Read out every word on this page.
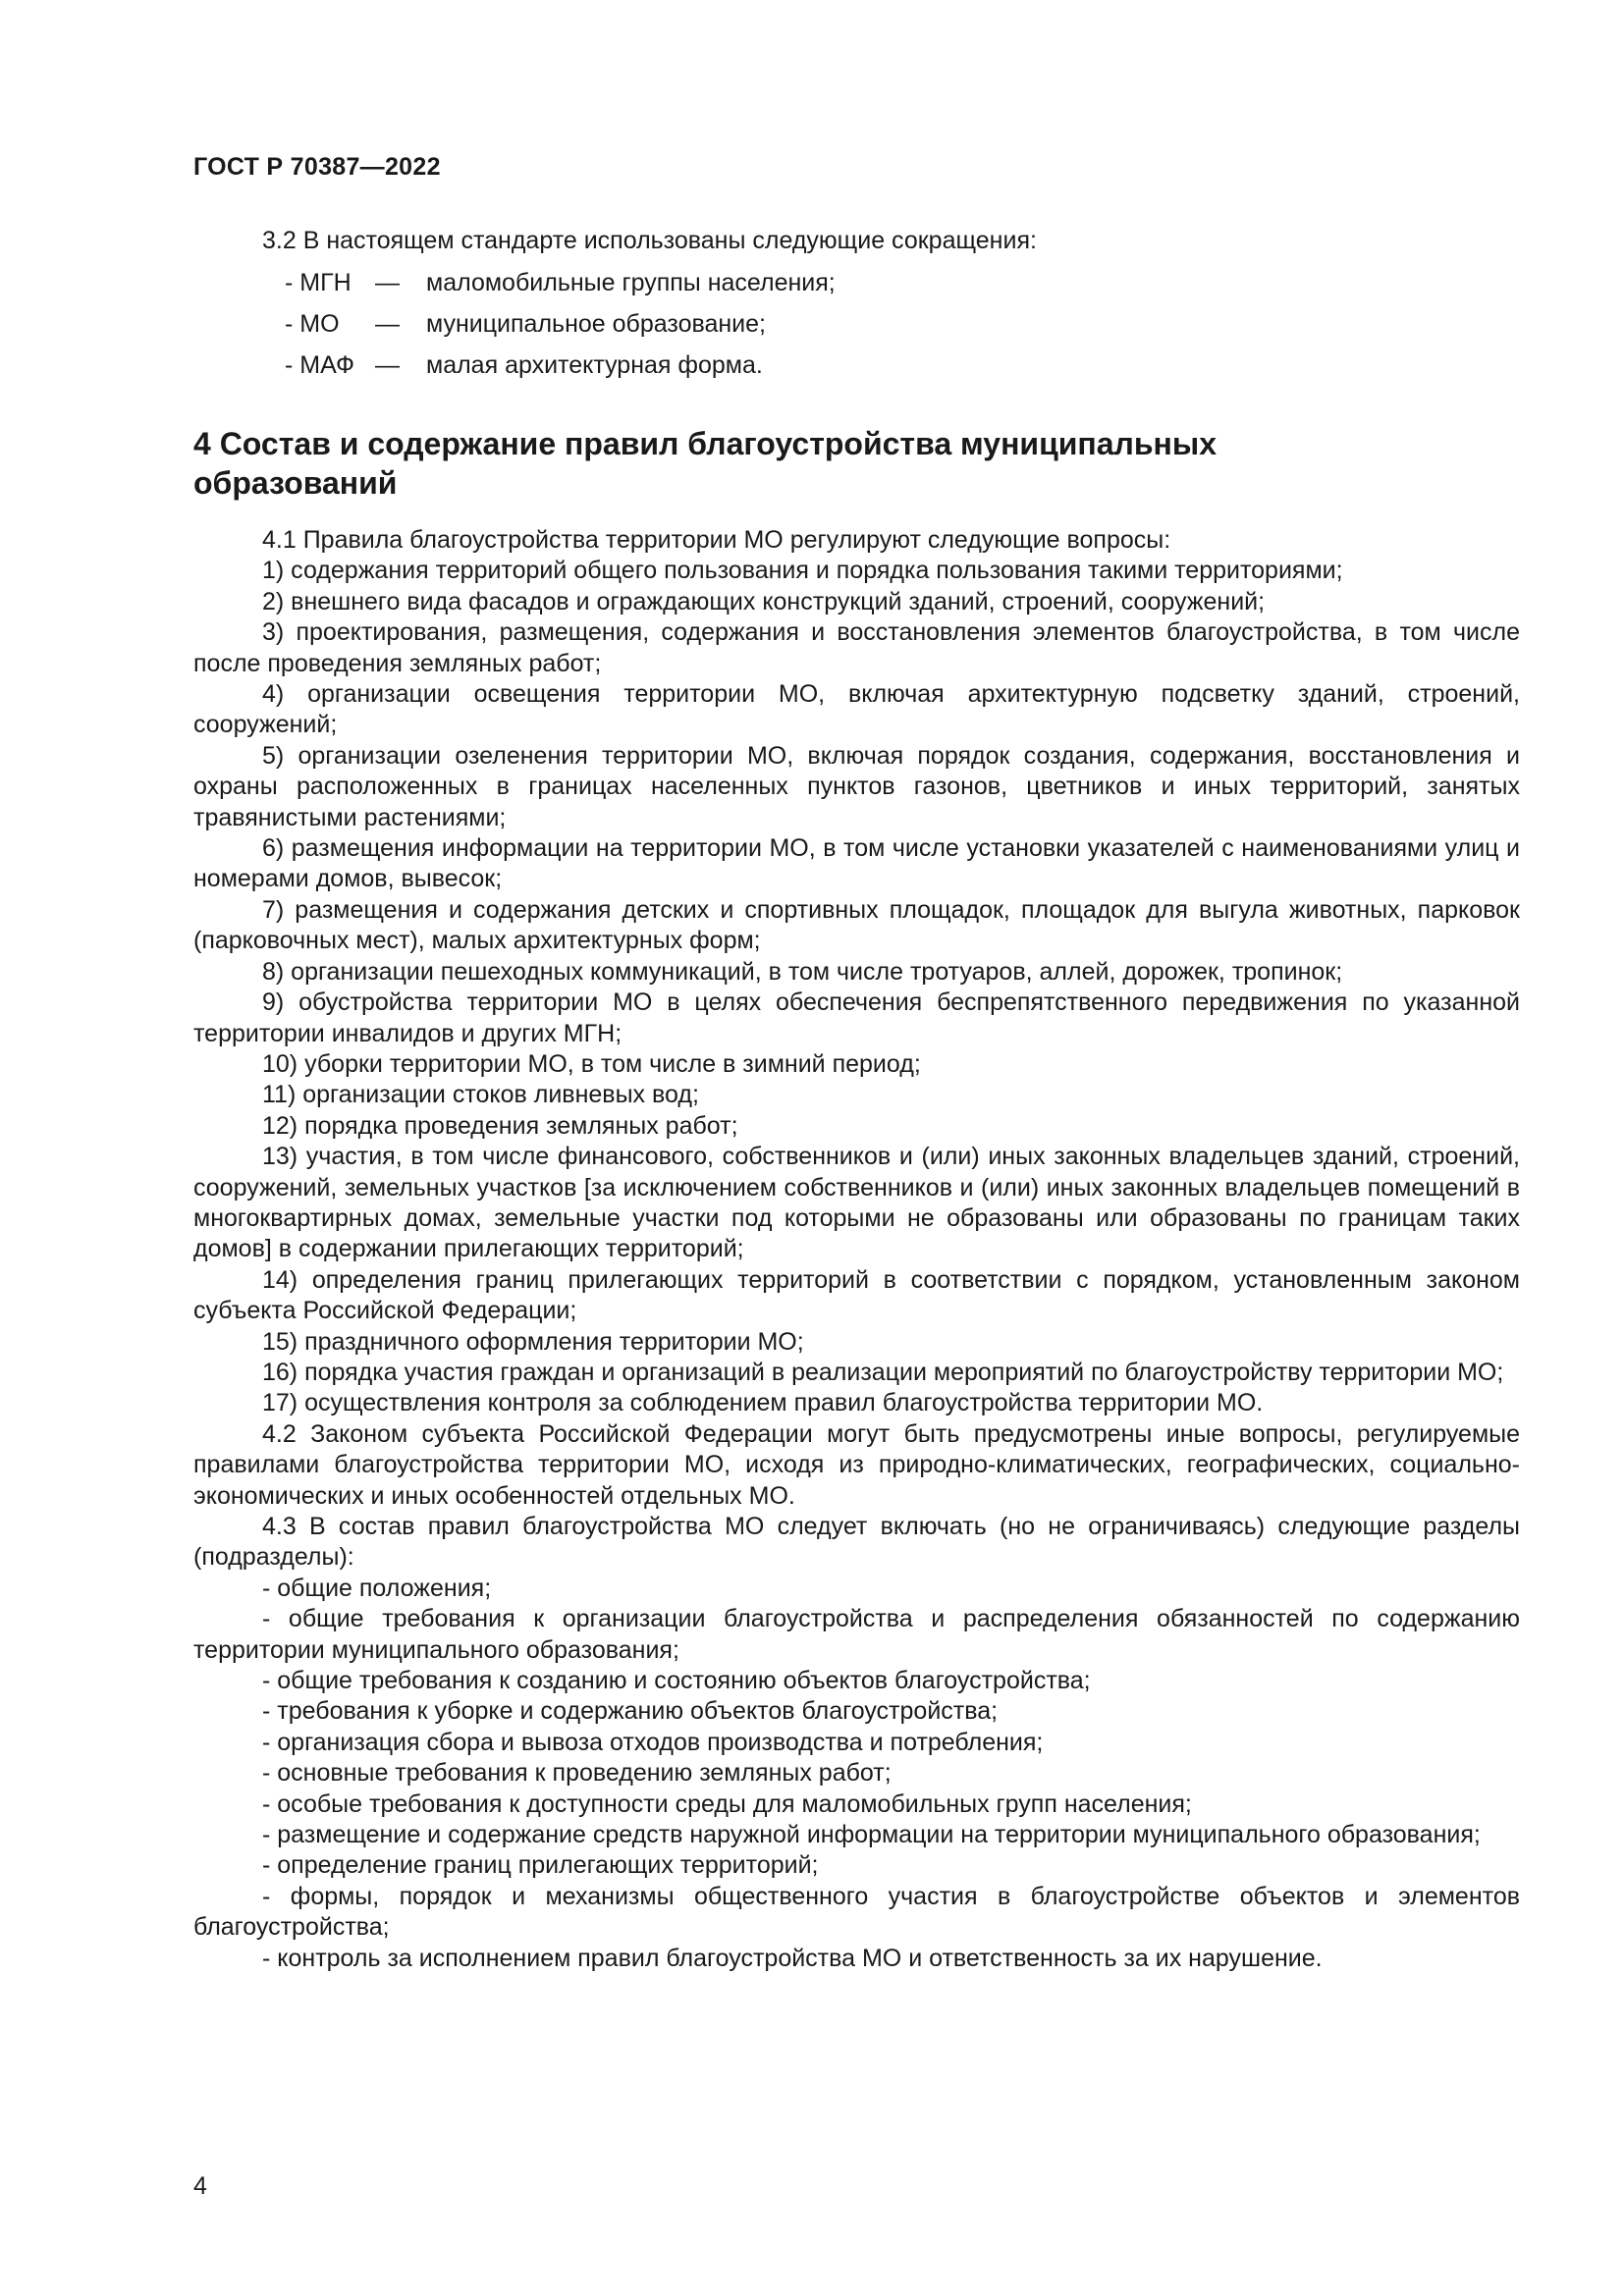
ГОСТ Р 70387—2022
3.2 В настоящем стандарте использованы следующие сокращения:
- МГН —	маломобильные группы населения;
- МО	—	муниципальное образование;
- МАФ —	малая архитектурная форма.
4 Состав и содержание правил благоустройства муниципальных образований

4.1 Правила благоустройства территории МО регулируют следующие вопросы:

1) содержания территорий общего пользования и порядка пользования такими территориями;

2) внешнего вида фасадов и ограждающих конструкций зданий, строений, сооружений;

3) проектирования, размещения, содержания и восстановления элементов благоустройства, в том числе после проведения земляных работ;

4) организации освещения территории МО, включая архитектурную подсветку зданий, строений, сооружений;

5) организации озеленения территории МО, включая порядок создания, содержания, восстановления и охраны расположенных в границах населенных пунктов газонов, цветников и иных территорий, занятых травянистыми растениями;

6) размещения информации на территории МО, в том числе установки указателей с наименованиями улиц и номерами домов, вывесок;

7) размещения и содержания детских и спортивных площадок, площадок для выгула животных, парковок (парковочных мест), малых архитектурных форм;

8) организации пешеходных коммуникаций, в том числе тротуаров, аллей, дорожек, тропинок;

9) обустройства территории МО в целях обеспечения беспрепятственного передвижения по указанной территории инвалидов и других МГН;

10) уборки территории МО, в том числе в зимний период;

11) организации стоков ливневых вод;

12) порядка проведения земляных работ;

13) участия, в том числе финансового, собственников и (или) иных законных владельцев зданий, строений, сооружений, земельных участков [за исключением собственников и (или) иных законных владельцев помещений в многоквартирных домах, земельные участки под которыми не образованы или образованы по границам таких домов] в содержании прилегающих территорий;

14) определения границ прилегающих территорий в соответствии с порядком, установленным законом субъекта Российской Федерации;

15) праздничного оформления территории МО;

16) порядка участия граждан и организаций в реализации мероприятий по благоустройству территории МО;

17) осуществления контроля за соблюдением правил благоустройства территории МО.

4.2 Законом субъекта Российской Федерации могут быть предусмотрены иные вопросы, регулируемые правилами благоустройства территории МО, исходя из природно-климатических, географических, социально-экономических и иных особенностей отдельных МО.

4.3 В состав правил благоустройства МО следует включать (но не ограничиваясь) следующие разделы (подразделы):

- общие положения;

- общие требования к организации благоустройства и распределения обязанностей по содержанию территории муниципального образования;

- общие требования к созданию и состоянию объектов благоустройства;

- требования к уборке и содержанию объектов благоустройства;

- организация сбора и вывоза отходов производства и потребления;

- основные требования к проведению земляных работ;

- особые требования к доступности среды для маломобильных групп населения;

- размещение и содержание средств наружной информации на территории муниципального образования;

- определение границ прилегающих территорий;

- формы, порядок и механизмы общественного участия в благоустройстве объектов и элементов благоустройства;

- контроль за исполнением правил благоустройства МО и ответственность за их нарушение.

4
